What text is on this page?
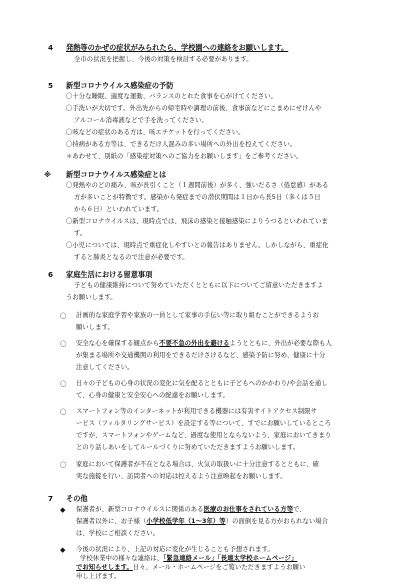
4 発熱等のかぜの症状がみられたら、学校園への連絡をお願いします。
全市の状況を把握し、今後の対策を検討する必要があります。
5 新型コロナウイルス感染症の予防
〇十分な睡眠、適度な運動、バランスのとれた食事を心がけてください。
〇手洗いが大切です。外出先からの帰宅時や調理の前後、食事前などにこまめにせけんや
アルコール消毒液などで手を洗ってください。
〇咳などの症状のある方は、咳エチケットを行ってください。
〇持病がある方等は、できるだけ人混みの多い場所への外出を控えてください。
＊あわせて、別紙の「感染症対策へのご協力をお願いします」をご参考ください。
※ 新型コロナウイルス感染症とは
〇発熱やのどの痛み、咳が長引くこと（１週間前後）が多く、強いだるさ（倦怠感）がある
方が多いことが特徴です。感染から発症までの潜伏期間は１日から長5日（多くは５日
から６日）といわれています。
〇新型コロナウイルスは、現時点では、飛沫の感染と接触感染によりうつるといわれていま
す。
〇小児については、現時点で重症化しやすいとの報告はありません。しかしながら、重症化
すると肺炎となるので注意が必要です。
6 家庭生活における留意事項
子どもの健康維持について努めていただくとともに以下についてご留意いただきますよ
うお願いします。
〇 計画的な家庭学習や家族の一員として家事の手伝い等に取り組むことができるようお
願いします。
〇 安全な心を確保する観点から不要不急の外出を避けるようとともに、外出が必要な際も人
が集まる場所や交通機関の利用をできるだけさけるなど、感染予防に努め、健康に十分
注意してください。
〇 日々の子どもの心身の状況の変化に気を配るとともに子どもへのかかわり/や会話を通し
て、心身の健康と安全安心への配慮をお願いします。
〇 スマートフォン等のインターネットが利用できる機器には有害サイトアクセス制限サ
ービス（フィルタリングサービス）を設定する等について、すでにお願いしているところ
ですが、スマートフォンやゲームなど、過度な使用とならないよう、家庭においてきまり
とのり話しあいをしてルールづくりに努めていただきますようお願いします。
〇 家庭において保護者が不在となる場合は、火気の取扱いに十分注意するとともに、確
実な施錠を行い、訪問者への対応は控えるよう注意喚起をお願いします。
7 その他
◆ 保護者が、新型コロナウイルスに関係のある医療のお仕事をされている方等で、
保護者以外に、お子様（小学校低学年（1〜3年）等）の面倒を見る方がおられない場合
は、学校にご相談ください。
◆ 今後の状況により、上記の対応に変化が生じることも予想されます。
学校休業中の様々な連絡は、「緊急連絡メール」「長連太学校ホームページ」
でお知らせします。日々、メール・ホームページをご覧いただきますようお願い
申し上げます。
